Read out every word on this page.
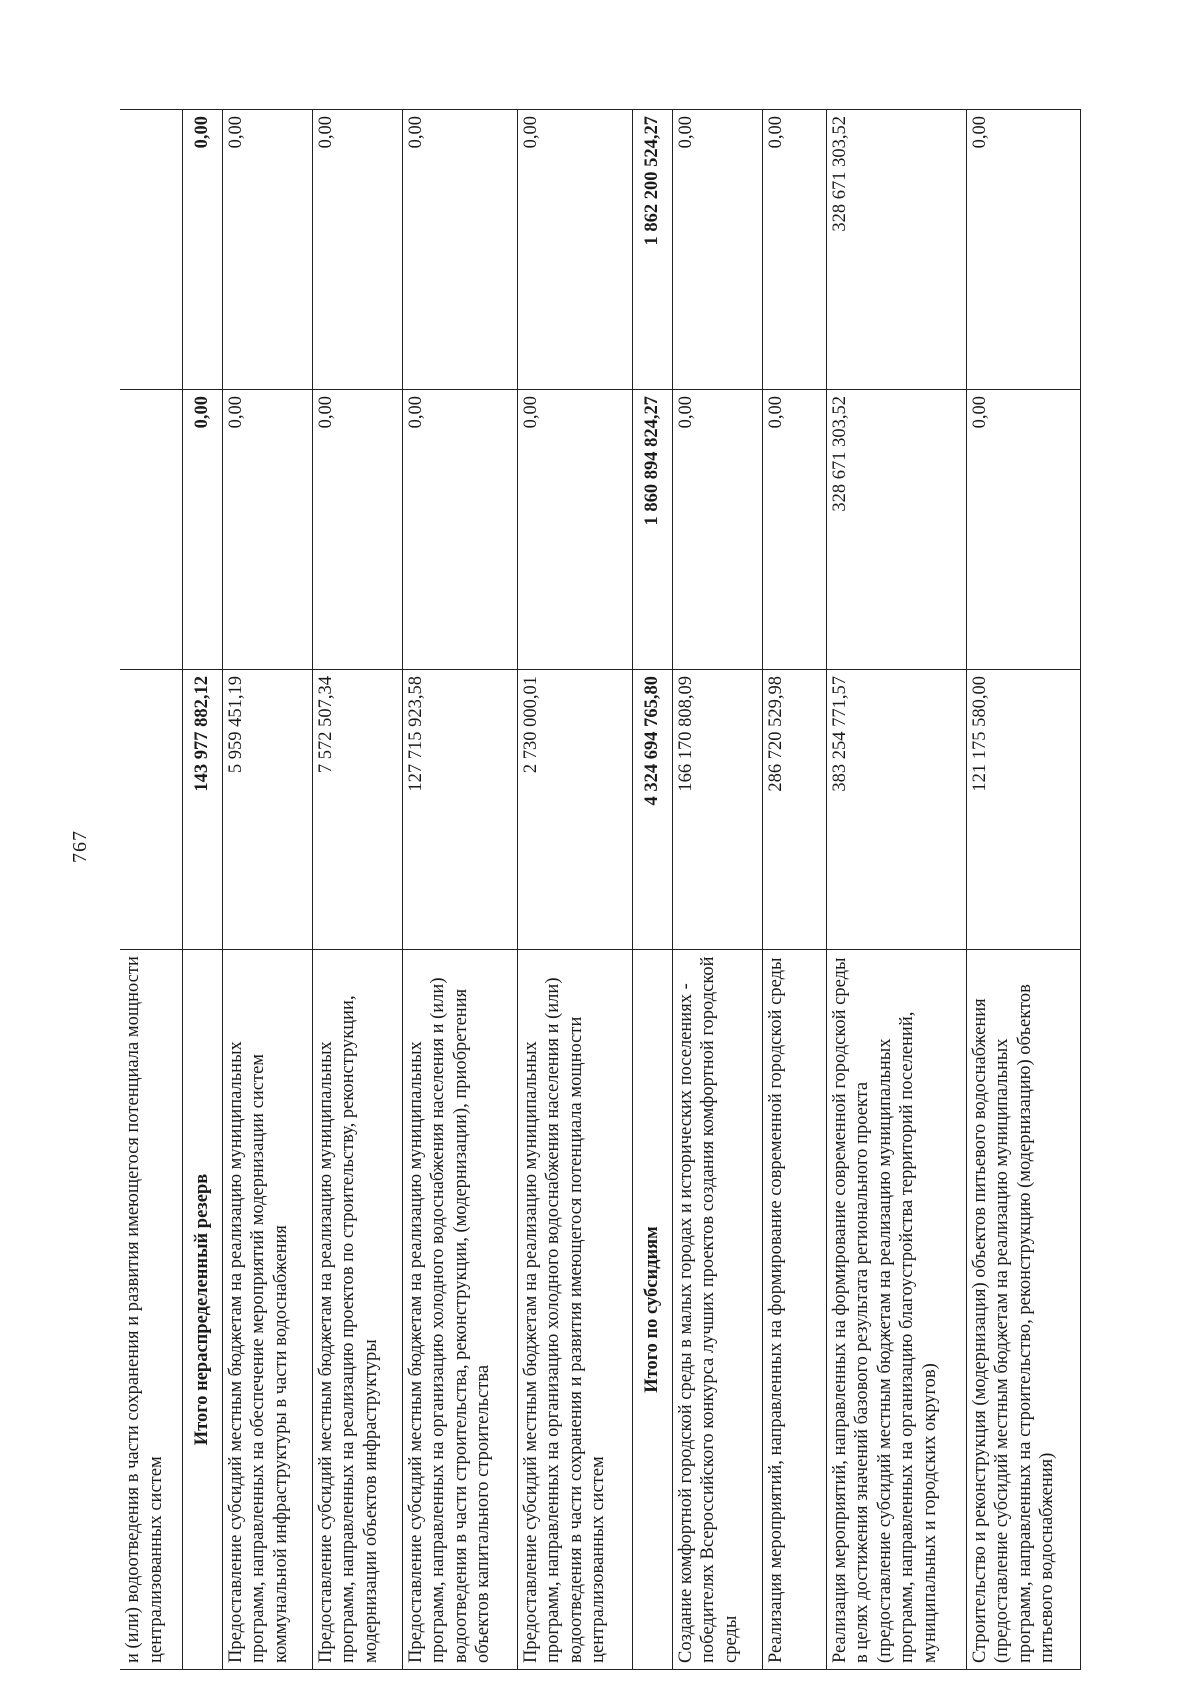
767
и (или) водоотведения в части сохранения и развития имеющегося потенциала мощности централизованных систем			
Итого нераспределенный резерв	143 977 882,12	0,00	0,00
Предоставление субсидий местным бюджетам на реализацию муниципальных программ, направленных на обеспечение мероприятий модернизации систем коммунальной инфраструктуры в части водоснабжения	5 959 451,19	0,00	0,00
Предоставление субсидий местным бюджетам на реализацию муниципальных программ, направленных на реализацию проектов по строительству, реконструкции, модернизации объектов инфраструктуры	7 572 507,34	0,00	0,00
Предоставление субсидий местным бюджетам на реализацию муниципальных программ, направленных на организацию холодного водоснабжения населения и (или) водоотведения в части строительства, реконструкции, (модернизации), приобретения объектов капитального строительства	127 715 923,58	0,00	0,00
Предоставление субсидий местным бюджетам на реализацию муниципальных программ, направленных на организацию холодного водоснабжения населения и (или) водоотведения в части сохранения и развития имеющегося потенциала мощности централизованных систем	2 730 000,01	0,00	0,00
Итого по субсидиям	4 324 694 765,80	1 860 894 824,27	1 862 200 524,27
Создание комфортной городской среды в малых городах и исторических поселениях - победителях Всероссийского конкурса лучших проектов создания комфортной городской среды	166 170 808,09	0,00	0,00
Реализация мероприятий, направленных на формирование современной городской среды	286 720 529,98	0,00	0,00
Реализация мероприятий, направленных на формирование современной городской среды в целях достижения значений базового результата регионального проекта (предоставление субсидий местным бюджетам на реализацию муниципальных программ, направленных на организацию благоустройства территорий поселений, муниципальных и городских округов)	383 254 771,57	328 671 303,52	328 671 303,52
Строительство и реконструкция (модернизация) объектов питьевого водоснабжения (предоставление субсидий местным бюджетам на реализацию муниципальных программ, направленных на строительство, реконструкцию (модернизацию) объектов питьевого водоснабжения)	121 175 580,00	0,00	0,00
